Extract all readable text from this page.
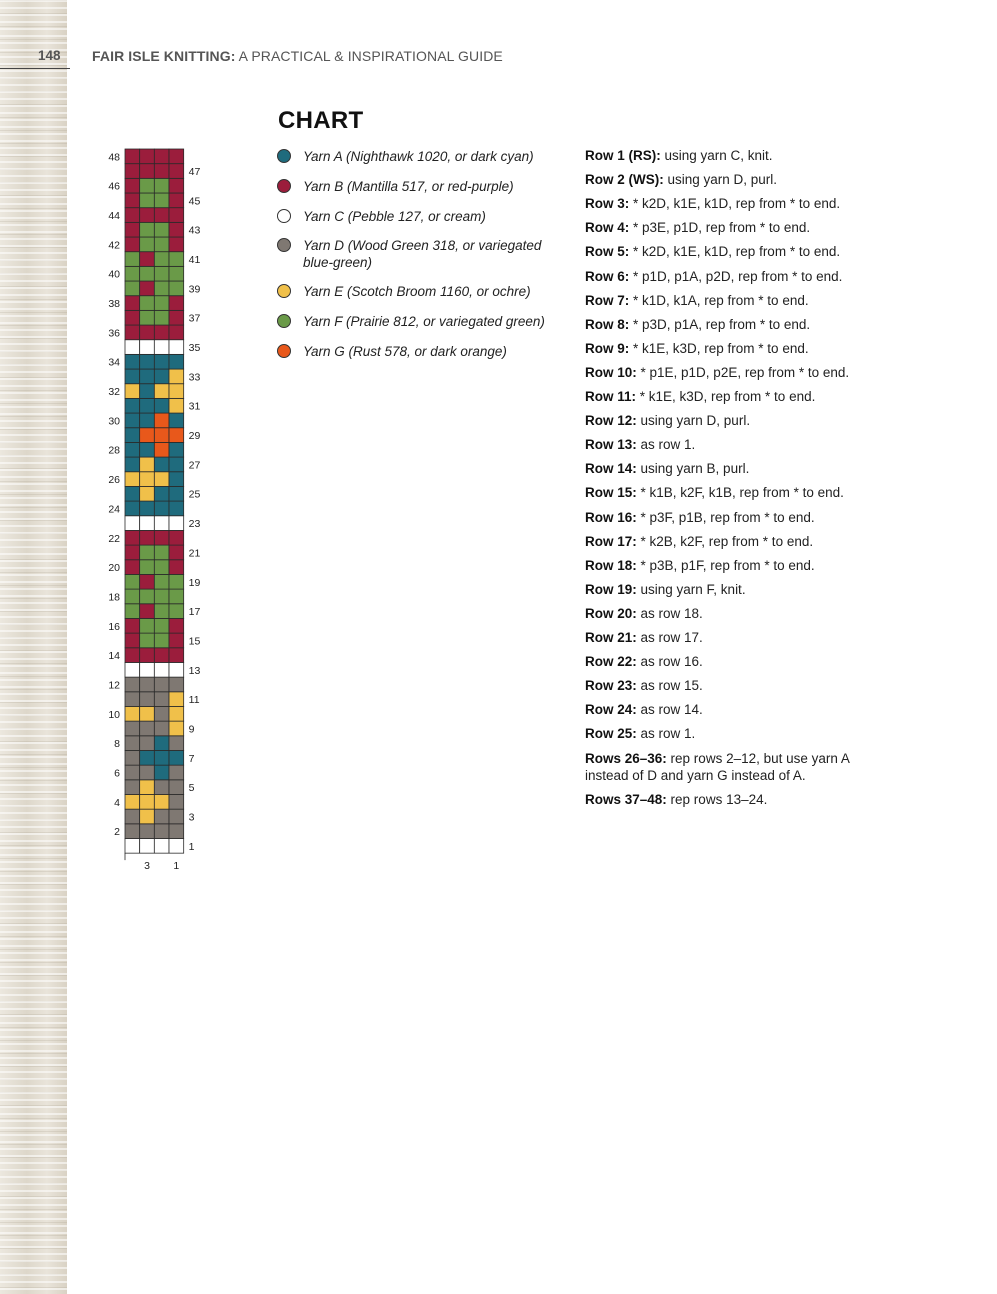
148 FAIR ISLE KNITTING: A PRACTICAL & INSPIRATIONAL GUIDE
CHART
1
2
3
4
5
6
7
8
9
10
11
12
13
14
15
16
17
18
19
20
21
22
23
24
25
26
27
28
29
30
31
32
33
34
35
36
37
38
39
40
41
42
43
44
45
46
47
48
3 1
Yarn A (Nighthawk 1020, or dark cyan)
Yarn B (Mantilla 517, or red-purple)
Yarn C (Pebble 127, or cream)
Yarn D (Wood Green 318, or variegated blue-green)
Yarn E (Scotch Broom 1160, or ochre)
Yarn F (Prairie 812, or variegated green)
Yarn G (Rust 578, or dark orange)
Row 1 (RS): using yarn C, knit.
Row 2 (WS): using yarn D, purl.
Row 3: * k2D, k1E, k1D, rep from * to end.
Row 4: * p3E, p1D, rep from * to end.
Row 5: * k2D, k1E, k1D, rep from * to end.
Row 6: * p1D, p1A, p2D, rep from * to end.
Row 7: * k1D, k1A, rep from * to end.
Row 8: * p3D, p1A, rep from * to end.
Row 9: * k1E, k3D, rep from * to end.
Row 10: * p1E, p1D, p2E, rep from * to end.
Row 11: * k1E, k3D, rep from * to end.
Row 12: using yarn D, purl.
Row 13: as row 1.
Row 14: using yarn B, purl.
Row 15: * k1B, k2F, k1B, rep from * to end.
Row 16: * p3F, p1B, rep from * to end.
Row 17: * k2B, k2F, rep from * to end.
Row 18: * p3B, p1F, rep from * to end.
Row 19: using yarn F, knit.
Row 20: as row 18.
Row 21: as row 17.
Row 22: as row 16.
Row 23: as row 15.
Row 24: as row 14.
Row 25: as row 1.
Rows 26–36: rep rows 2–12, but use yarn A instead of D and yarn G instead of A.
Rows 37–48: rep rows 13–24.
